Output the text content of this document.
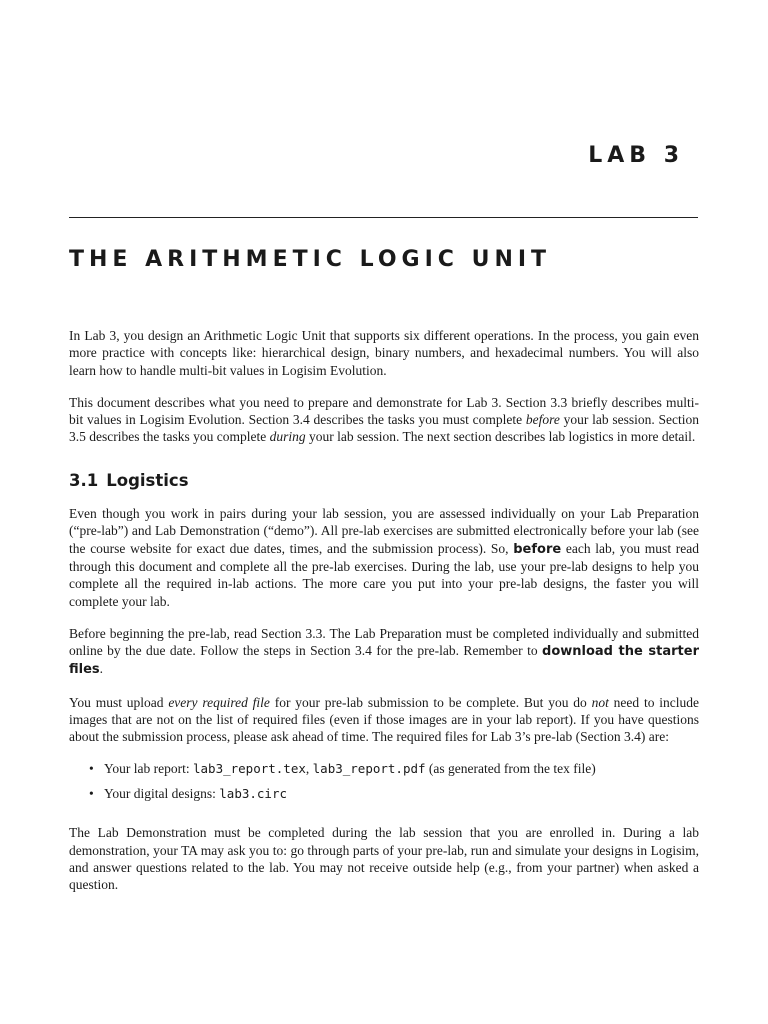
LAB 3
THE ARITHMETIC LOGIC UNIT

In Lab 3, you design an Arithmetic Logic Unit that supports six different operations. In the process, you gain even more practice with concepts like: hierarchical design, binary numbers, and hexadecimal numbers. You will also learn how to handle multi-bit values in Logisim Evolution.

This document describes what you need to prepare and demonstrate for Lab 3. Section 3.3 briefly describes multi-bit values in Logisim Evolution. Section 3.4 describes the tasks you must complete before your lab session. Section 3.5 describes the tasks you complete during your lab session. The next section describes lab logistics in more detail.

3.1 Logistics

Even though you work in pairs during your lab session, you are assessed individually on your Lab Preparation (“pre-lab”) and Lab Demonstration (“demo”). All pre-lab exercises are submitted electronically before your lab (see the course website for exact due dates, times, and the submission process). So, before each lab, you must read through this document and complete all the pre-lab exercises. During the lab, use your pre-lab designs to help you complete all the required in-lab actions. The more care you put into your pre-lab designs, the faster you will complete your lab.

Before beginning the pre-lab, read Section 3.3. The Lab Preparation must be completed individually and submitted online by the due date. Follow the steps in Section 3.4 for the pre-lab. Remember to download the starter files.

You must upload every required file for your pre-lab submission to be complete. But you do not need to include images that are not on the list of required files (even if those images are in your lab report). If you have questions about the submission process, please ask ahead of time. The required files for Lab 3’s pre-lab (Section 3.4) are:

• Your lab report: lab3_report.tex, lab3_report.pdf (as generated from the tex file)
• Your digital designs: lab3.circ

The Lab Demonstration must be completed during the lab session that you are enrolled in. During a lab demonstration, your TA may ask you to: go through parts of your pre-lab, run and simulate your designs in Logisim, and answer questions related to the lab. You may not receive outside help (e.g., from your partner) when asked a question.
